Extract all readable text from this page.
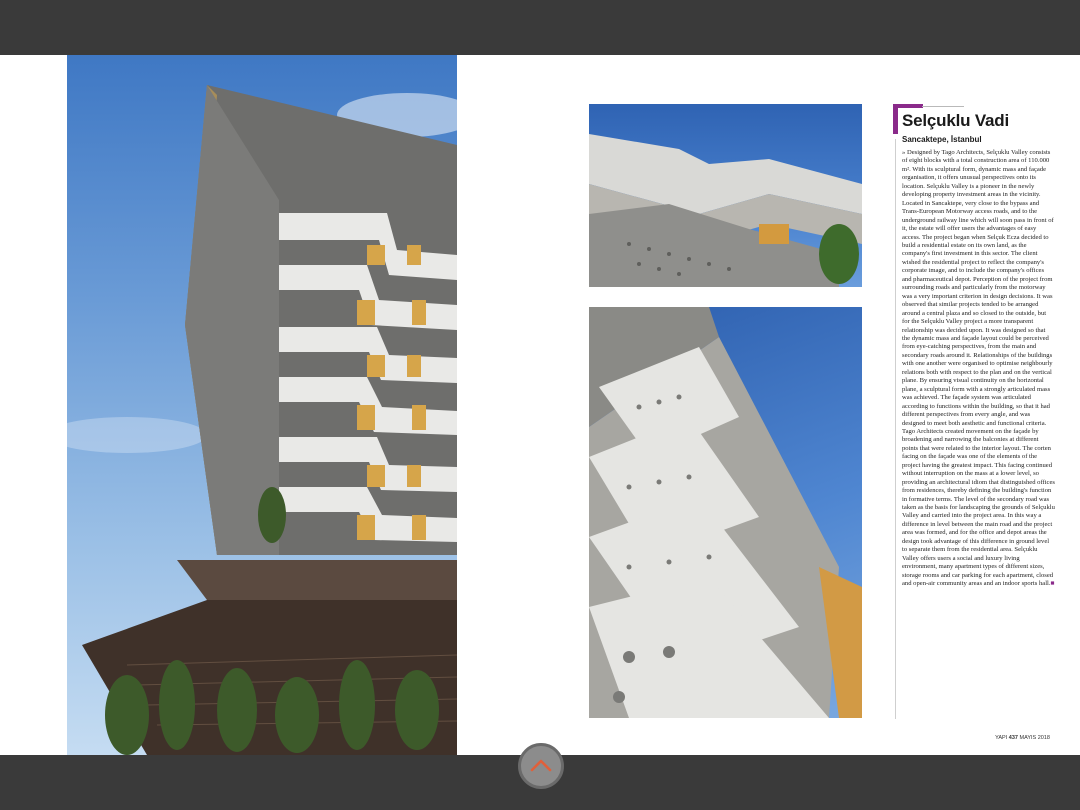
Selçuklu Vadi

Sancaktepe, İstanbul

» Designed by Tago Architects, Selçuklu Valley consists of eight blocks with a total construction area of 110.000 m². With its sculptural form, dynamic mass and façade organisation, it offers unusual perspectives onto its location. Selçuklu Valley is a pioneer in the newly developing property investment areas in the vicinity. Located in Sancaktepe, very close to the bypass and Trans-European Motorway access roads, and to the underground railway line which will soon pass in front of it, the estate will offer users the advantages of easy access. The project began when Selçuk Ecza decided to build a residential estate on its own land, as the company's first investment in this sector. The client wished the residential project to reflect the company's corporate image, and to include the company's offices and pharmaceutical depot. Perception of the project from surrounding roads and particularly from the motorway was a very important criterion in design decisions. It was observed that similar projects tended to be arranged around a central plaza and so closed to the outside, but for the Selçuklu Valley project a more transparent relationship was decided upon. It was designed so that the dynamic mass and façade layout could be perceived from eye-catching perspectives, from the main and secondary roads around it. Relationships of the buildings with one another were organised to optimise neighbourly relations both with respect to the plan and on the vertical plane. By ensuring visual continuity on the horizontal plane, a sculptural form with a strongly articulated mass was achieved. The façade system was articulated according to functions within the building, so that it had different perspectives from every angle, and was designed to meet both aesthetic and functional criteria. Tago Architects created movement on the façade by broadening and narrowing the balconies at different points that were related to the interior layout. The corten facing on the façade was one of the elements of the project having the greatest impact. This facing continued without interruption on the mass at a lower level, so providing an architectural idiom that distinguished offices from residences, thereby defining the building's function in formative terms. The level of the secondary road was taken as the basis for landscaping the grounds of Selçuklu Valley and carried into the project area. In this way a difference in level between the main road and the project area was formed, and for the office and depot areas the design took advantage of this difference in ground level to separate them from the residential area. Selçuklu Valley offers users a social and luxury living environment, many apartment types of different sizes, storage rooms and car parking for each apartment, closed and open-air community areas and an indoor sports hall.■

YAPI 437 MAYIS 2018
